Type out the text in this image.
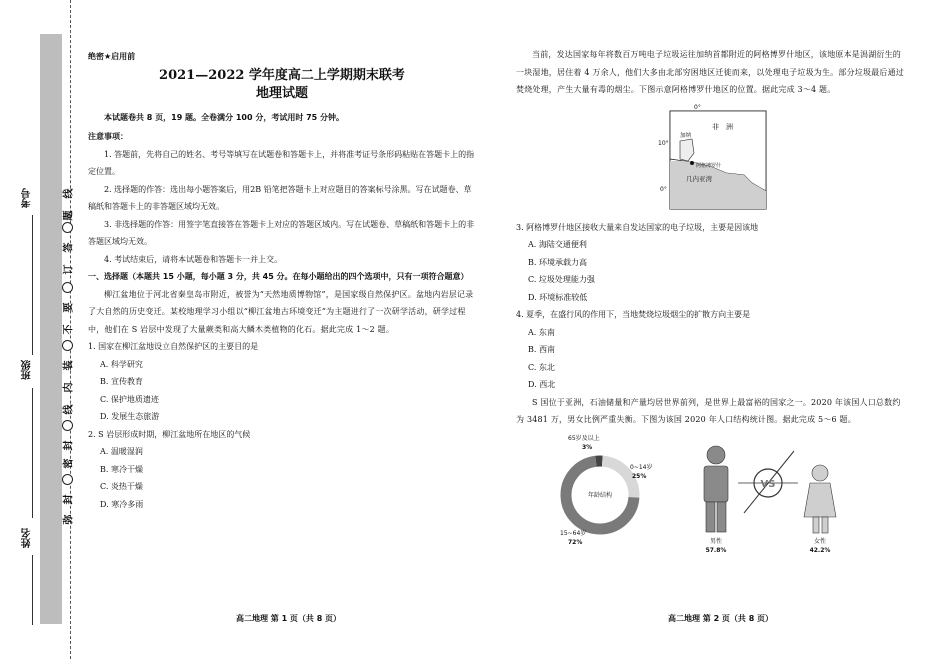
考号
班级
姓名
线
题
答
订
要
不
装
内
线
封
密
封
弥
绝密★启用前
2021—2022 学年度高二上学期期末联考
地理试题
本试题卷共 8 页，19 题。全卷满分 100 分，考试用时 75 分钟。
注意事项：

1. 答题前，先将自己的姓名、考号等填写在试题卷和答题卡上，并将准考证号条形码粘贴在答题卡上的指定位置。

2. 选择题的作答：选出每小题答案后，用2B 铅笔把答题卡上对应题目的答案标号涂黑。写在试题卷、草稿纸和答题卡上的非答题区域均无效。

3. 非选择题的作答：用签字笔直接答在答题卡上对应的答题区域内。写在试题卷、草稿纸和答题卡上的非答题区域均无效。

4. 考试结束后，请将本试题卷和答题卡一并上交。

一、选择题（本题共 15 小题，每小题 3 分，共 45 分。在每小题给出的四个选项中，只有一项符合题意）

柳江盆地位于河北省秦皇岛市附近，被誉为“天然地质博物馆”，是国家级自然保护区。盆地内岩层记录了大自然的历史变迁。某校地理学习小组以“柳江盆地古环境变迁”为主题进行了一次研学活动，研学过程中，他们在 S 岩层中发现了大量蕨类和高大鳞木类植物的化石。据此完成 1～2 题。

1. 国家在柳江盆地设立自然保护区的主要目的是
A. 科学研究
B. 宣传教育
C. 保护地质遗迹
D. 发展生态旅游
2. S 岩层形成时期，柳江盆地所在地区的气候
A. 温暖湿润
B. 寒冷干燥
C. 炎热干燥
D. 寒冷多雨
高二地理 第 1 页（共 8 页）

当前，发达国家每年将数百万吨电子垃圾运往加纳首都附近的阿格博罗什地区，该地原本是潟湖衍生的一块湿地，居住着 4 万余人，他们大多由北部穷困地区迁徙而来，以处理电子垃圾为生。部分垃圾最后通过焚烧处理，产生大量有毒的烟尘。下图示意阿格博罗什地区的位置。据此完成 3～4 题。

0°
10°
0°
非　洲
加纳
阿格博罗什
几内亚湾
3. 阿格博罗什地区接收大量来自发达国家的电子垃圾，主要是因该地
A. 海陆交通便利
B. 环境承载力高
C. 垃圾处理能力强
D. 环境标准较低
4. 夏季，在盛行风的作用下，当地焚烧垃圾烟尘的扩散方向主要是
A. 东南
B. 西南
C. 东北
D. 西北

S 国位于亚洲，石油储量和产量均居世界前列，是世界上最富裕的国家之一。2020 年该国人口总数约为 3481 万，男女比例严重失衡。下图为该国 2020 年人口结构统计图。据此完成 5～6 题。

年龄结构
65岁及以上
3%
0~14岁
25%
15~64岁
72%
VS
男性
57.8%
女性
42.2%
高二地理 第 2 页（共 8 页）
